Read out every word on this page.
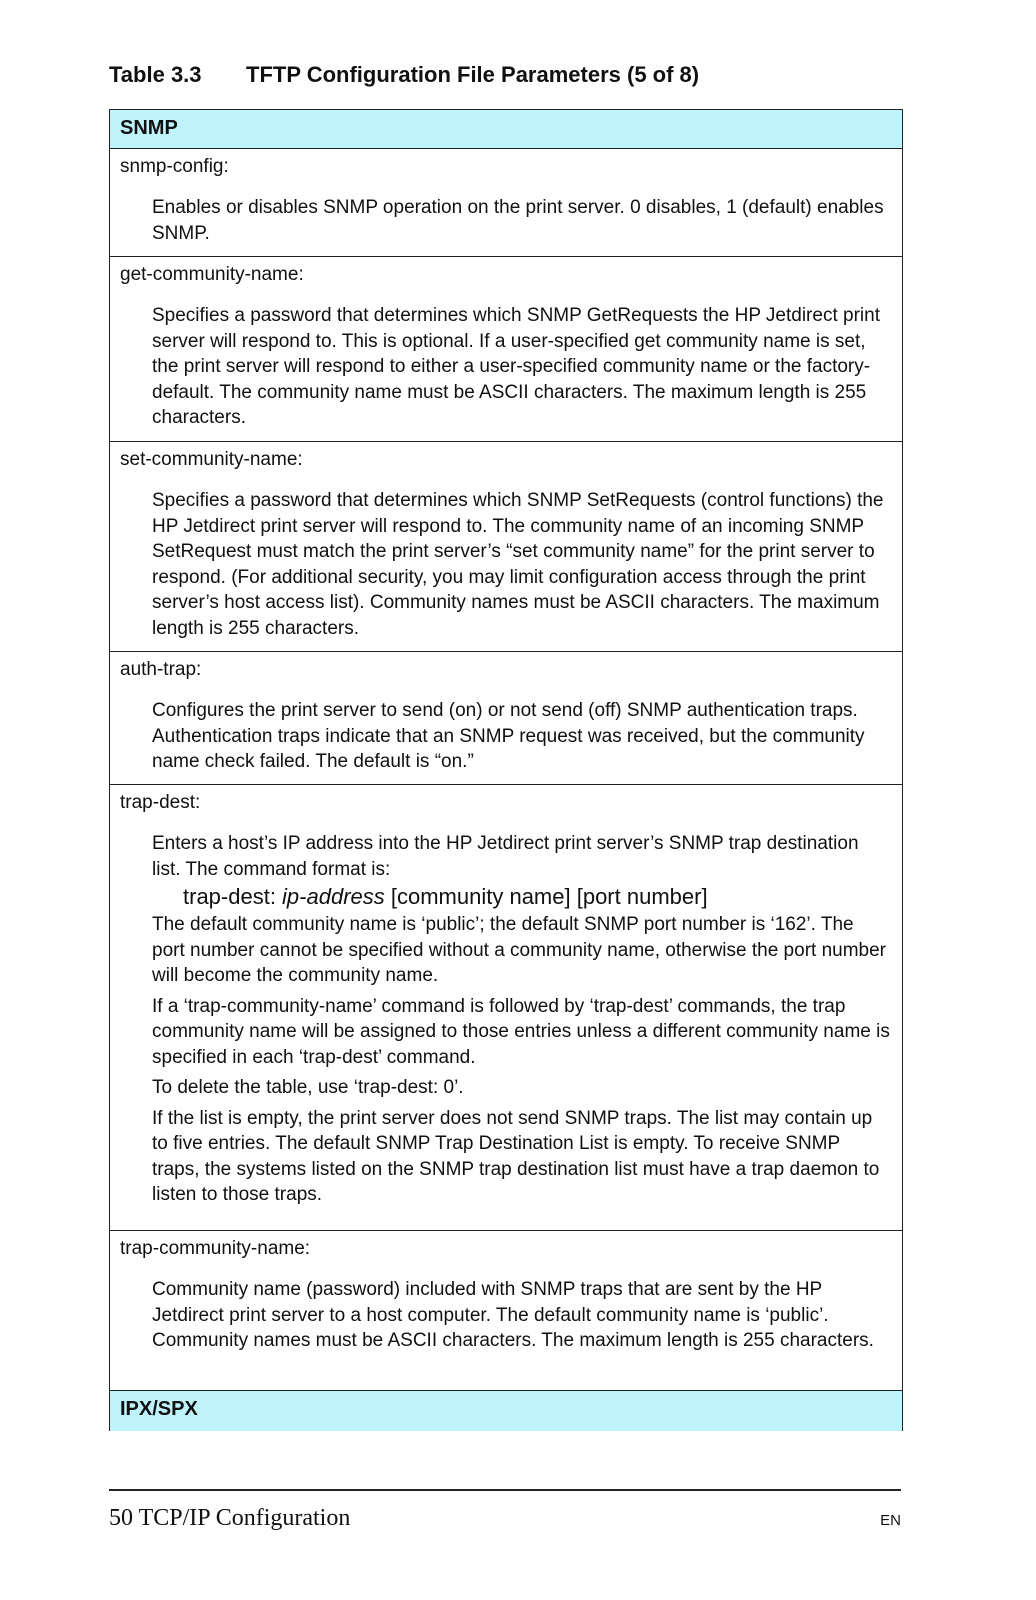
Table 3.3 TFTP Configuration File Parameters (5 of 8)
SNMP
snmp-config:

Enables or disables SNMP operation on the print server. 0 disables, 1 (default) enables SNMP.

get-community-name:

Specifies a password that determines which SNMP GetRequests the HP Jetdirect print server will respond to. This is optional. If a user-specified get community name is set, the print server will respond to either a user-specified community name or the factory-default. The community name must be ASCII characters. The maximum length is 255 characters.

set-community-name:

Specifies a password that determines which SNMP SetRequests (control functions) the HP Jetdirect print server will respond to. The community name of an incoming SNMP SetRequest must match the print server’s “set community name” for the print server to respond. (For additional security, you may limit configuration access through the print server’s host access list). Community names must be ASCII characters. The maximum length is 255 characters.

auth-trap:

Configures the print server to send (on) or not send (off) SNMP authentication traps. Authentication traps indicate that an SNMP request was received, but the community name check failed. The default is “on.”

trap-dest:

Enters a host’s IP address into the HP Jetdirect print server’s SNMP trap destination list. The command format is:

trap-dest: ip-address [community name] [port number]

The default community name is ‘public’; the default SNMP port number is ‘162’. The port number cannot be specified without a community name, otherwise the port number will become the community name.

If a ‘trap-community-name’ command is followed by ‘trap-dest’ commands, the trap community name will be assigned to those entries unless a different community name is specified in each ‘trap-dest’ command.

To delete the table, use ‘trap-dest: 0’.

If the list is empty, the print server does not send SNMP traps. The list may contain up to five entries. The default SNMP Trap Destination List is empty. To receive SNMP traps, the systems listed on the SNMP trap destination list must have a trap daemon to listen to those traps.

trap-community-name:

Community name (password) included with SNMP traps that are sent by the HP Jetdirect print server to a host computer. The default community name is ‘public’. Community names must be ASCII characters. The maximum length is 255 characters.

IPX/SPX
50 TCP/IP Configuration	EN
